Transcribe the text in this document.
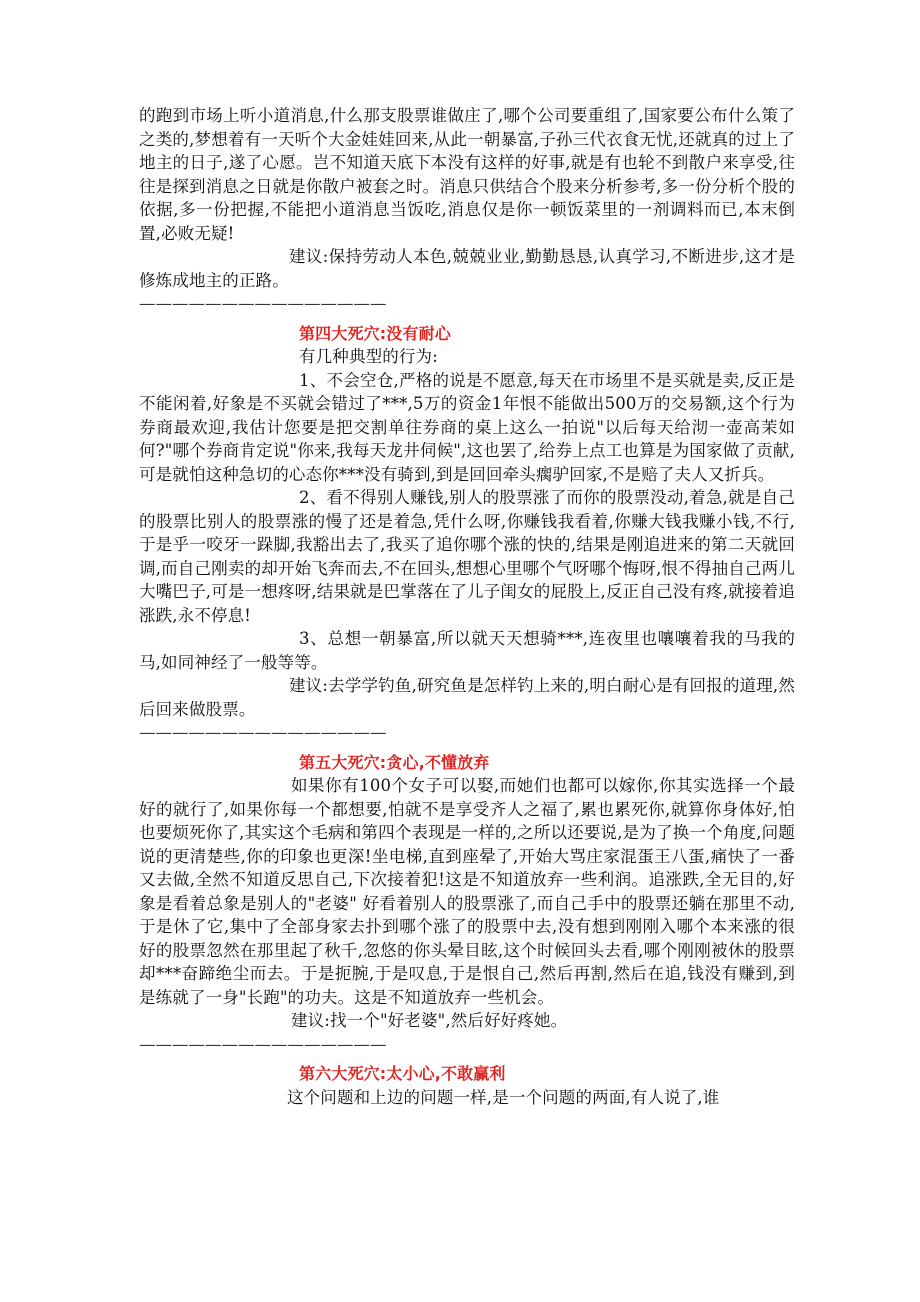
的跑到市场上听小道消息,什么那支股票谁做庄了,哪个公司要重组了,国家要公布什么策了之类的,梦想着有一天听个大金娃娃回来,从此一朝暴富,子孙三代衣食无忧,还就真的过上了地主的日子,遂了心愿。岂不知道天底下本没有这样的好事,就是有也轮不到散户来享受,往往是探到消息之日就是你散户被套之时。消息只供结合个股来分析参考,多一份分析个股的依据,多一份把握,不能把小道消息当饭吃,消息仅是你一顿饭菜里的一剂调料而已,本末倒置,必败无疑!

建议:保持劳动人本色,兢兢业业,勤勤恳恳,认真学习,不断进步,这才是修炼成地主的正路。

———————————————

第四大死穴:没有耐心

有几种典型的行为:

1、不会空仓,严格的说是不愿意,每天在市场里不是买就是卖,反正是不能闲着,好象是不买就会错过了***,5万的资金1年恨不能做出500万的交易额,这个行为券商最欢迎,我估计您要是把交割单往券商的桌上这么一拍说"以后每天给沏一壶高茉如何?"哪个券商肯定说"你来,我每天龙井伺候",这也罢了,给券上点工也算是为国家做了贡献,可是就怕这种急切的心态你***没有骑到,到是回回牵头瘸驴回家,不是赔了夫人又折兵。

2、看不得别人赚钱,别人的股票涨了而你的股票没动,着急,就是自己的股票比别人的股票涨的慢了还是着急,凭什么呀,你赚钱我看着,你赚大钱我赚小钱,不行,于是乎一咬牙一跺脚,我豁出去了,我买了追你哪个涨的快的,结果是刚追进来的第二天就回调,而自己刚卖的却开始飞奔而去,不在回头,想想心里哪个气呀哪个悔呀,恨不得抽自己两儿大嘴巴子,可是一想疼呀,结果就是巴掌落在了儿子闺女的屁股上,反正自己没有疼,就接着追涨跌,永不停息!

3、总想一朝暴富,所以就天天想骑***,连夜里也嚷嚷着我的马我的马,如同神经了一般等等。

建议:去学学钓鱼,研究鱼是怎样钓上来的,明白耐心是有回报的道理,然后回来做股票。

———————————————

第五大死穴:贪心,不懂放弃

如果你有100个女子可以娶,而她们也都可以嫁你,你其实选择一个最好的就行了,如果你每一个都想要,怕就不是享受齐人之福了,累也累死你,就算你身体好,怕也要烦死你了,其实这个毛病和第四个表现是一样的,之所以还要说,是为了换一个角度,问题说的更清楚些,你的印象也更深!坐电梯,直到座晕了,开始大骂庄家混蛋王八蛋,痛快了一番又去做,全然不知道反思自己,下次接着犯!这是不知道放弃一些利润。追涨跌,全无目的,好象是看着总象是别人的"老婆" 好看着别人的股票涨了,而自己手中的股票还躺在那里不动,于是休了它,集中了全部身家去扑到哪个涨了的股票中去,没有想到刚刚入哪个本来涨的很好的股票忽然在那里起了秋千,忽悠的你头晕目眩,这个时候回头去看,哪个刚刚被休的股票却***奋蹄绝尘而去。于是扼腕,于是叹息,于是恨自己,然后再割,然后在追,钱没有赚到,到是练就了一身"长跑"的功夫。这是不知道放弃一些机会。

建议:找一个"好老婆",然后好好疼她。

———————————————

第六大死穴:太小心,不敢赢利

这个问题和上边的问题一样,是一个问题的两面,有人说了,谁
